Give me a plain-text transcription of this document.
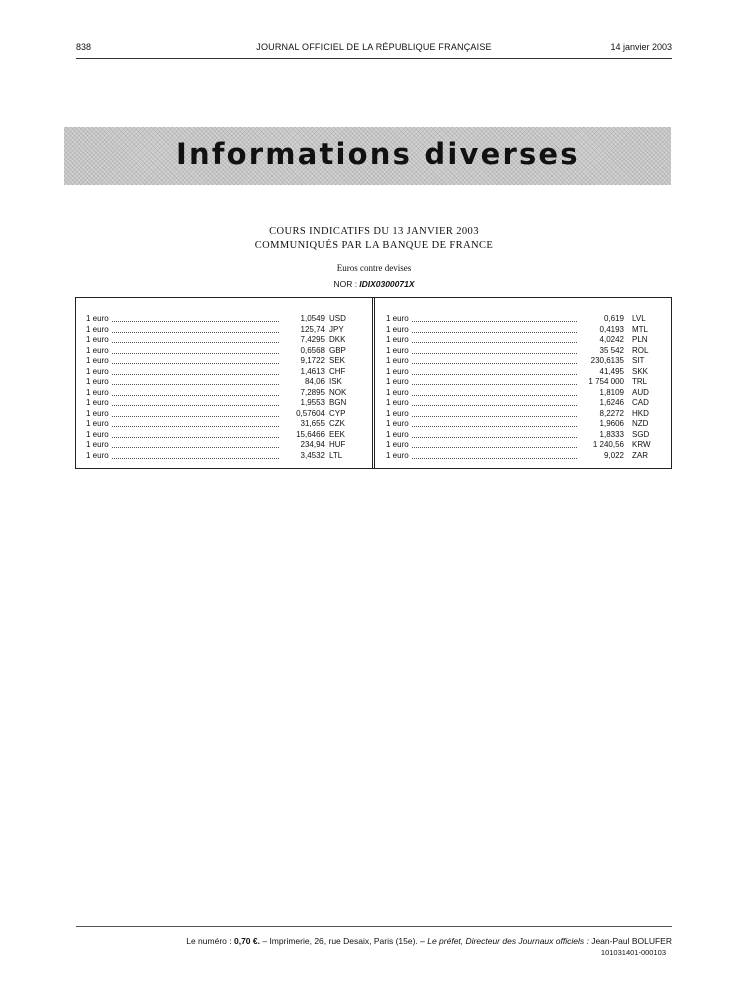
838	JOURNAL OFFICIEL DE LA RÉPUBLIQUE FRANÇAISE	14 janvier 2003
Informations diverses
COURS INDICATIFS DU 13 JANVIER 2003
COMMUNIQUÉS PAR LA BANQUE DE FRANCE
Euros contre devises
NOR : IDIX0300071X
1 euro	1,0549 USD
1 euro	125,74 JPY
1 euro	7,4295 DKK
1 euro	0,6568 GBP
1 euro	9,1722 SEK
1 euro	1,4613 CHF
1 euro	84,06 ISK
1 euro	7,2895 NOK
1 euro	1,9553 BGN
1 euro	0,57604 CYP
1 euro	31,655 CZK
1 euro	15,6466 EEK
1 euro	234,94 HUF
1 euro	3,4532 LTL
1 euro	0,619 LVL
1 euro	0,4193 MTL
1 euro	4,0242 PLN
1 euro	35 542 ROL
1 euro	230,6135 SIT
1 euro	41,495 SKK
1 euro	1 754 000 TRL
1 euro	1,8109 AUD
1 euro	1,6246 CAD
1 euro	8,2272 HKD
1 euro	1,9606 NZD
1 euro	1,8333 SGD
1 euro	1 240,56 KRW
1 euro	9,022 ZAR
Le numéro : 0,70 €. – Imprimerie, 26, rue Desaix, Paris (15e). – Le préfet, Directeur des Journaux officiels : Jean-Paul BOLUFER
101031401-000103
